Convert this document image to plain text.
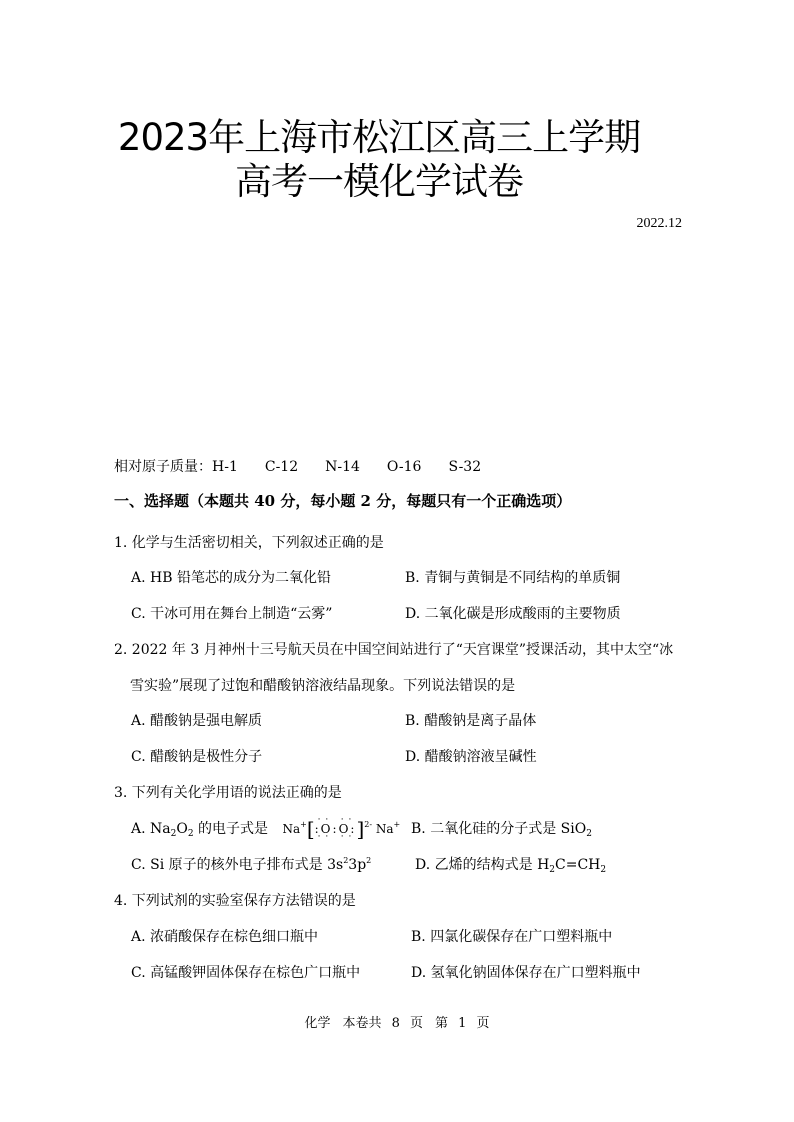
2023年上海市松江区高三上学期
高考一模化学试卷
2022.12
相对原子质量：H-1 C-12 N-14 O-16 S-32
一、选择题（本题共 40 分，每小题 2 分，每题只有一个正确选项）
1. 化学与生活密切相关，下列叙述正确的是
A. HB 铅笔芯的成分为二氧化铅	B. 青铜与黄铜是不同结构的单质铜
C. 干冰可用在舞台上制造“云雾”	D. 二氧化碳是形成酸雨的主要物质
2. 2022 年 3 月神州十三号航天员在中国空间站进行了“天宫课堂”授课活动，其中太空“冰
雪实验”展现了过饱和醋酸钠溶液结晶现象。下列说法错误的是
A. 醋酸钠是强电解质	B. 醋酸钠是离子晶体
C. 醋酸钠是极性分子	D. 醋酸钠溶液呈碱性
3. 下列有关化学用语的说法正确的是
A. $Na_2O_2$ 的电子式是 Na+[· · :O:O: · ·]$^{2-}$ Na+ B. 二氧化硅的分子式是 SiO$_2$
C. Si 原子的核外电子排布式是 $3s^23p^2$	D. 乙烯的结构式是 $H_2C=CH_2$
4. 下列试剂的实验室保存方法错误的是
A. 浓硝酸保存在棕色细口瓶中	B. 四氯化碳保存在广口塑料瓶中
C. 高锰酸钾固体保存在棕色广口瓶中	D. 氢氧化钠固体保存在广口塑料瓶中
化学 本卷共 8 页 第 1 页
